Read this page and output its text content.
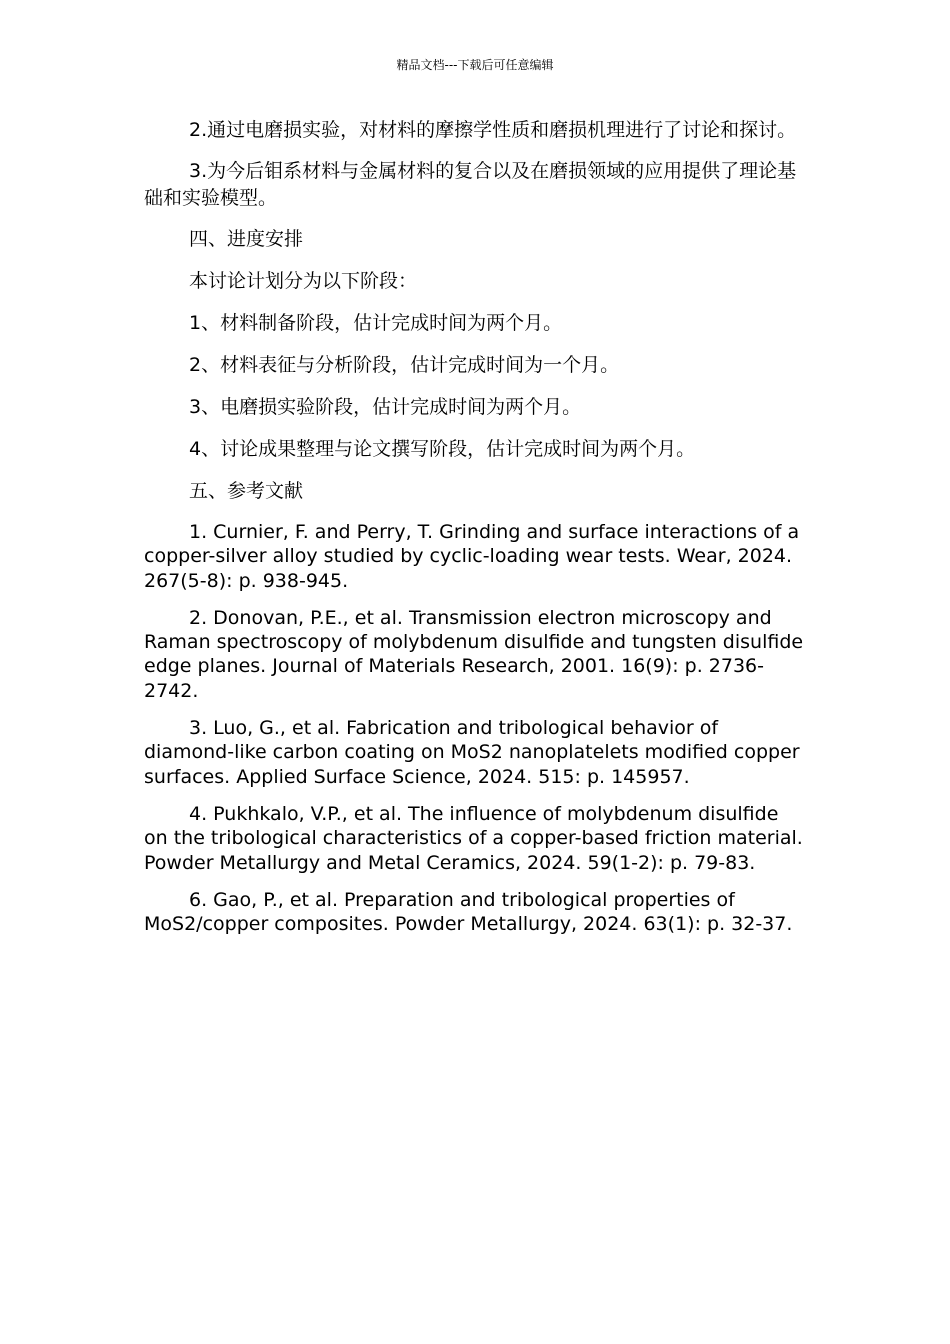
精品文档---下载后可任意编辑

2.通过电磨损实验，对材料的摩擦学性质和磨损机理进行了讨论和探讨。

3.为今后钼系材料与金属材料的复合以及在磨损领域的应用提供了理论基础和实验模型。

四、进度安排

本讨论计划分为以下阶段：

1、材料制备阶段，估计完成时间为两个月。

2、材料表征与分析阶段，估计完成时间为一个月。

3、电磨损实验阶段，估计完成时间为两个月。

4、讨论成果整理与论文撰写阶段，估计完成时间为两个月。

五、参考文献

1. Curnier, F. and Perry, T. Grinding and surface interactions of a copper-silver alloy studied by cyclic-loading wear tests. Wear, 2024. 267(5-8): p. 938-945.

2. Donovan, P.E., et al. Transmission electron microscopy and Raman spectroscopy of molybdenum disulfide and tungsten disulfide edge planes. Journal of Materials Research, 2001. 16(9): p. 2736-2742.

3. Luo, G., et al. Fabrication and tribological behavior of diamond-like carbon coating on MoS2 nanoplatelets modified copper surfaces. Applied Surface Science, 2024. 515: p. 145957.

4. Pukhkalo, V.P., et al. The influence of molybdenum disulfide on the tribological characteristics of a copper-based friction material. Powder Metallurgy and Metal Ceramics, 2024. 59(1-2): p. 79-83.

6. Gao, P., et al. Preparation and tribological properties of MoS2/copper composites. Powder Metallurgy, 2024. 63(1): p. 32-37.
